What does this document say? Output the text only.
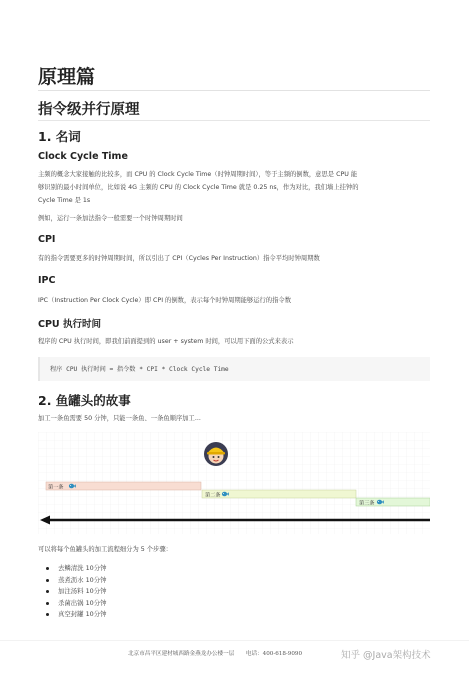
原理篇
指令级并行原理
1. 名词
Clock Cycle Time
主频的概念大家接触的比较多，而 CPU 的 Clock Cycle Time（时钟周期时间），等于主频的倒数，意思是 CPU 能
够识别的最小时间单位，比如说 4G 主频的 CPU 的 Clock Cycle Time 就是 0.25 ns，作为对比，我们墙上挂钟的
Cycle Time 是 1s
例如，运行一条加法指令一般需要一个时钟周期时间
CPI
有的指令需要更多的时钟周期时间，所以引出了 CPI（Cycles Per Instruction）指令平均时钟周期数
IPC
IPC（Instruction Per Clock Cycle）即 CPI 的倒数，表示每个时钟周期能够运行的指令数
CPU 执行时间
程序的 CPU 执行时间，即我们前面提到的 user + system 时间，可以用下面的公式来表示
程序 CPU 执行时间 = 指令数 * CPI * Clock Cycle Time
2. 鱼罐头的故事
加工一条鱼需要 50 分钟，只能一条鱼、一条鱼顺序加工...
第一条
第二条
第三条
可以将每个鱼罐头的加工流程细分为 5 个步骤：
去鳞清洗 10分钟
蒸煮沥水 10分钟
加注汤料 10分钟
杀菌出锅 10分钟
真空封罐 10分钟
北京市昌平区建材城西路金燕龙办公楼一层 电话：400-618-9090	知乎 @Java架构技术
